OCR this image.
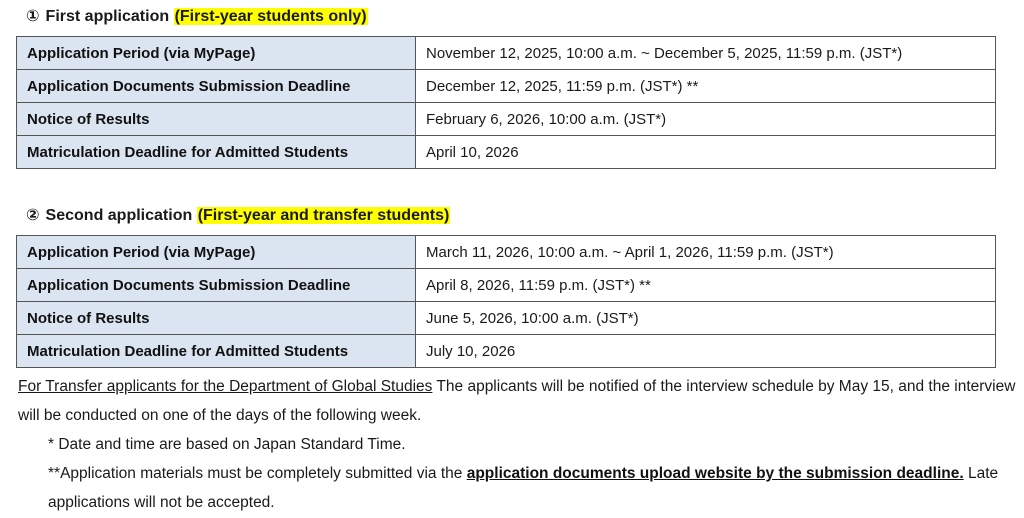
① First application (First-year students only)
Application Period (via MyPage)	November 12, 2025, 10:00 a.m. ~ December 5, 2025, 11:59 p.m. (JST*)
Application Documents Submission Deadline	December 12, 2025, 11:59 p.m. (JST*) **
Notice of Results	February 6, 2026, 10:00 a.m. (JST*)
Matriculation Deadline for Admitted Students	April 10, 2026
② Second application (First-year and transfer students)
Application Period (via MyPage)	March 11, 2026, 10:00 a.m. ~ April 1, 2026, 11:59 p.m. (JST*)
Application Documents Submission Deadline	April 8, 2026, 11:59 p.m. (JST*) **
Notice of Results	June 5, 2026, 10:00 a.m. (JST*)
Matriculation Deadline for Admitted Students	July 10, 2026
For Transfer applicants for the Department of Global Studies The applicants will be notified of the interview schedule by May 15, and the interview will be conducted on one of the days of the following week.
* Date and time are based on Japan Standard Time.
**Application materials must be completely submitted via the application documents upload website by the submission deadline. Late applications will not be accepted.
